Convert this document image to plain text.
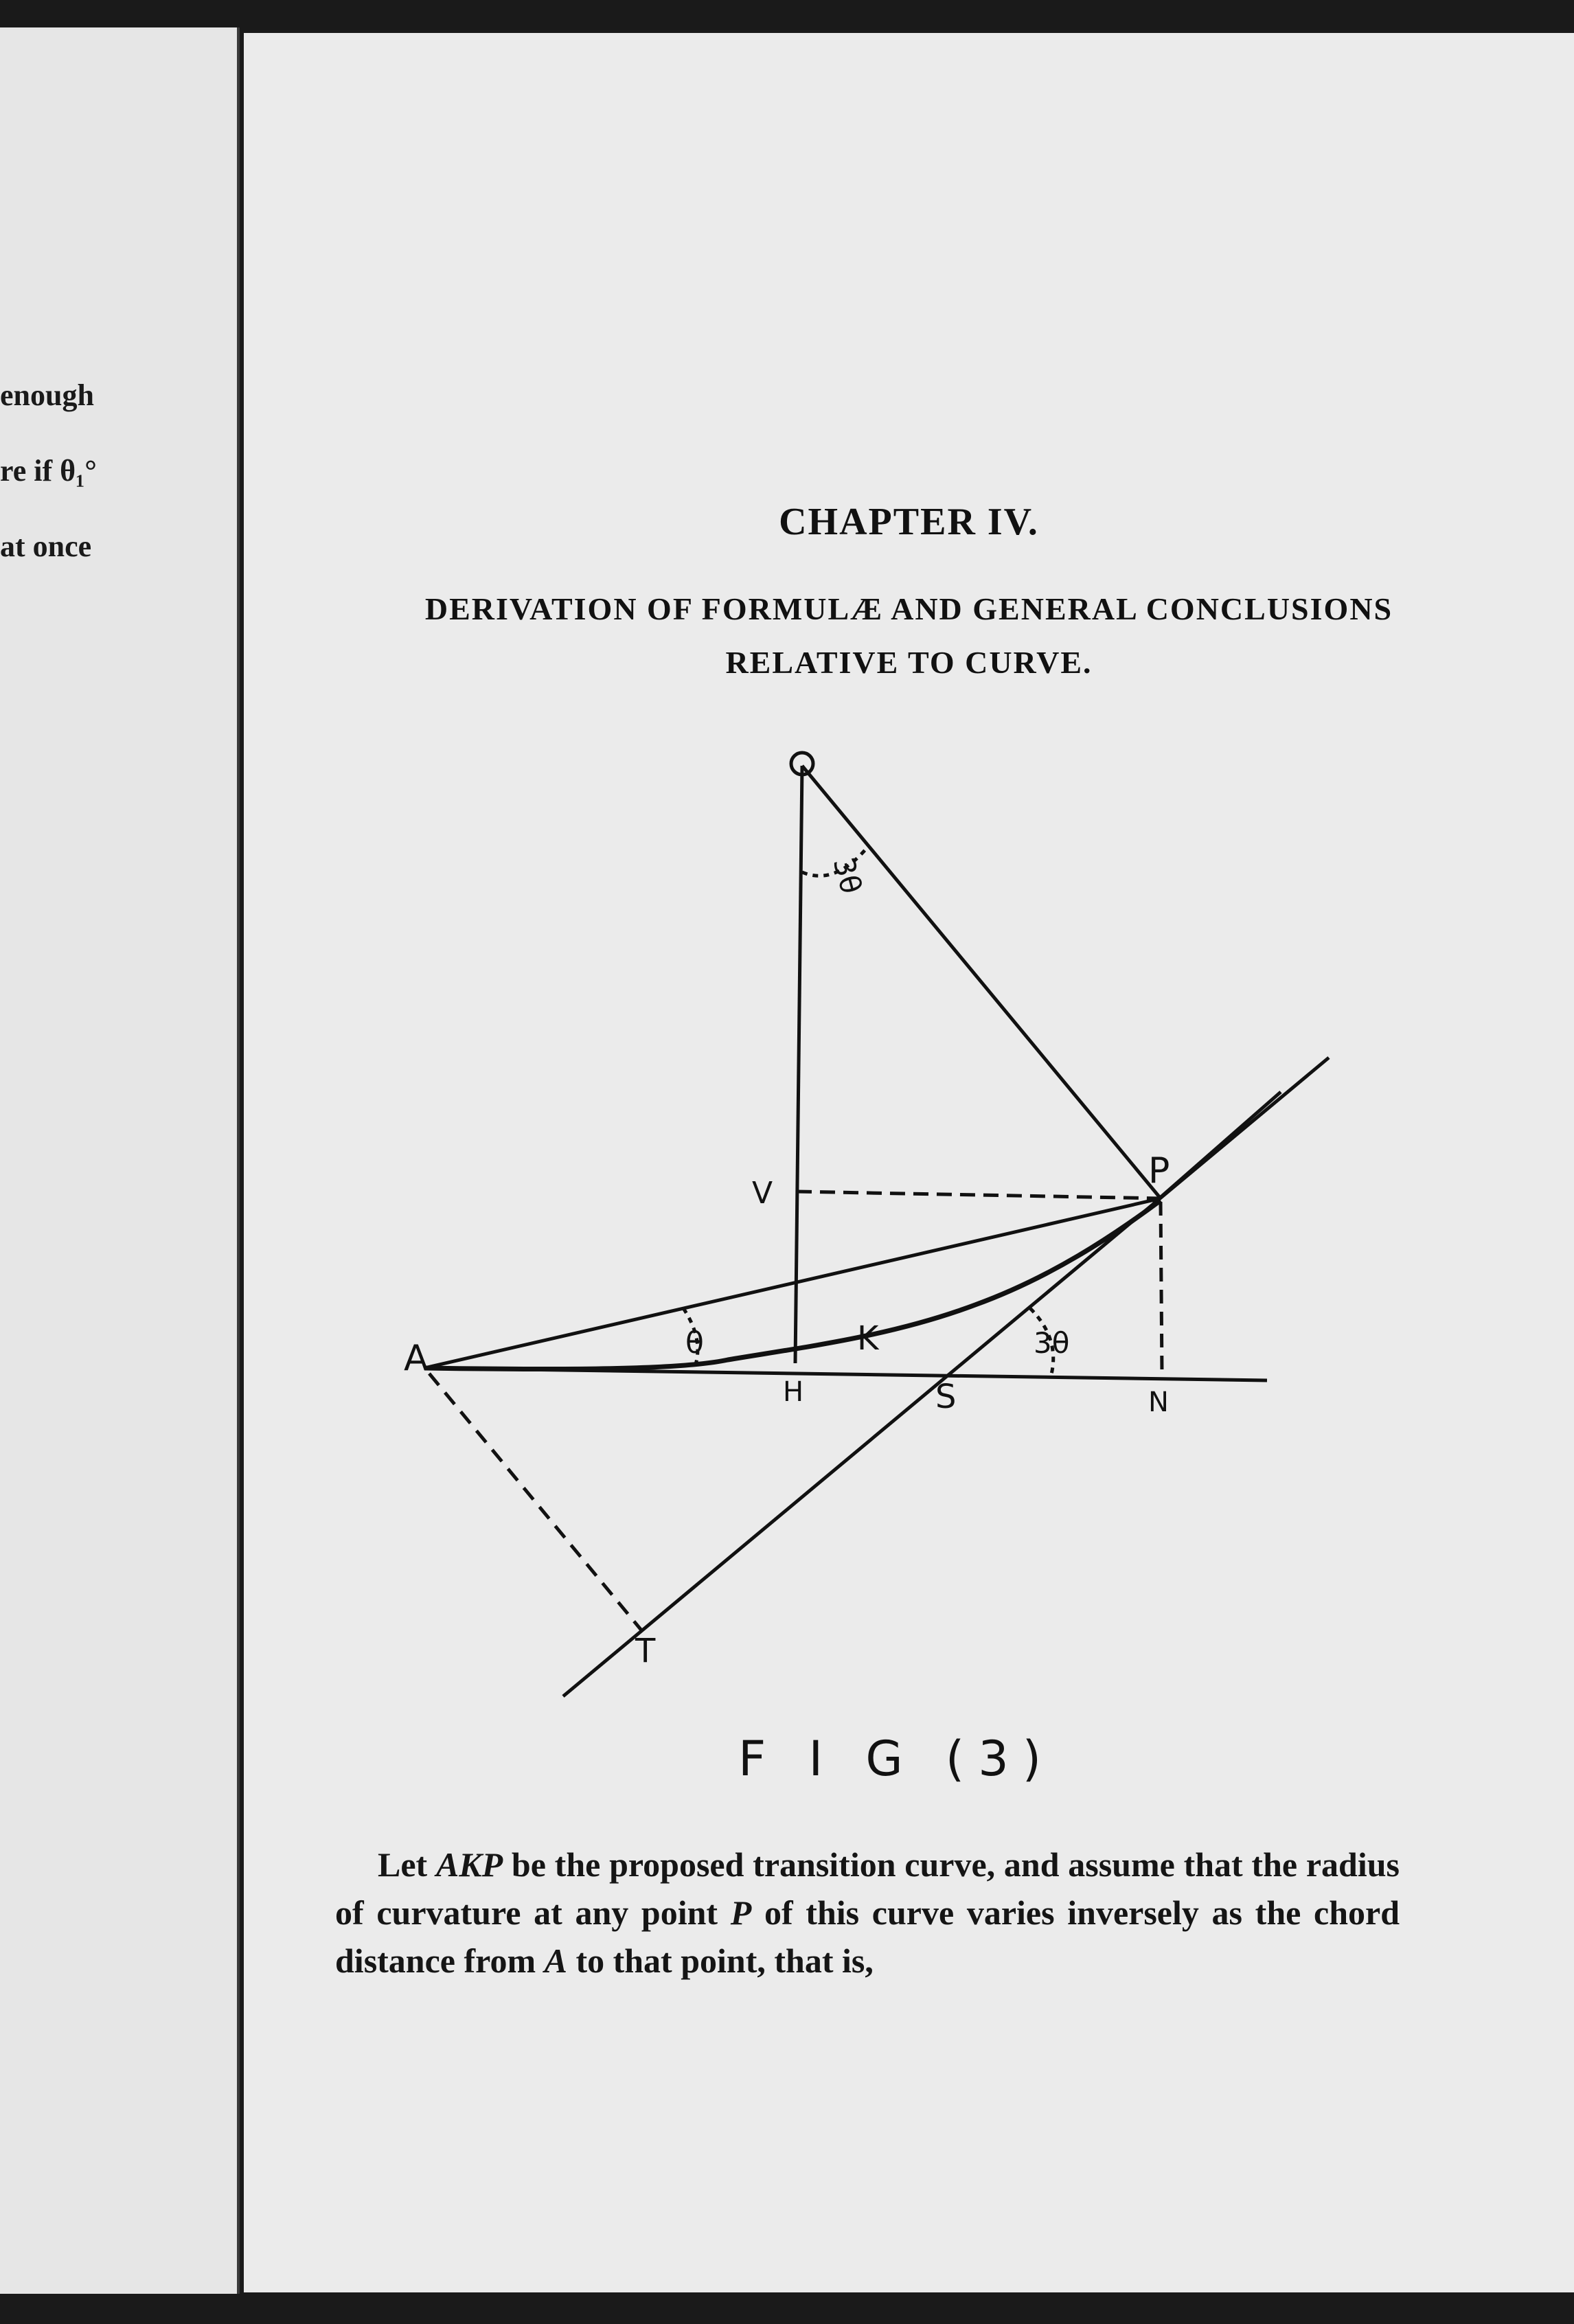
enough
re if θ₁°
at once
CHAPTER IV.
DERIVATION OF FORMULÆ AND GENERAL CONCLUSIONS
RELATIVE TO CURVE.
O
V
P
A	K
H	S	N
T
θ	3θ
3θ
F I G (3)

Let AKP be the proposed transition curve, and assume that the radius of curvature at any point P of this curve varies inversely as the chord distance from A to that point, that is,
